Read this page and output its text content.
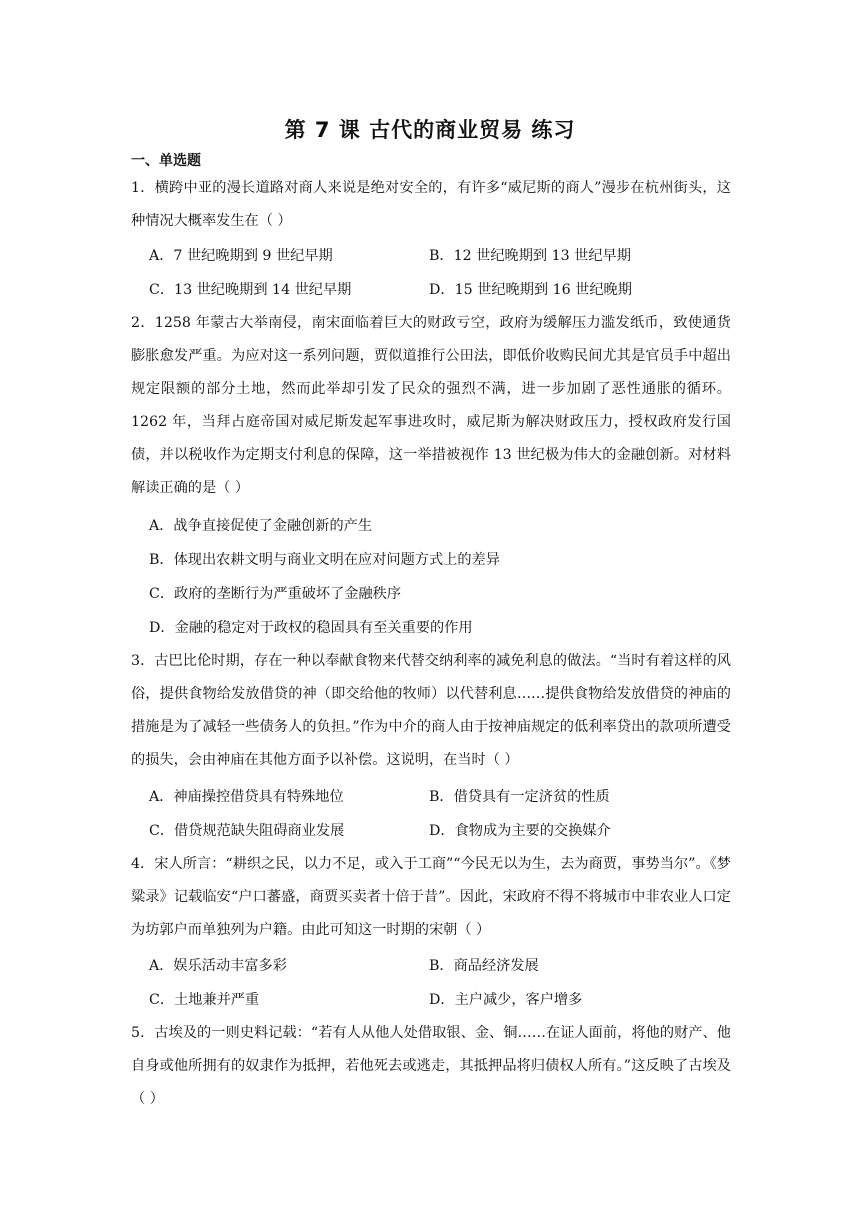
第 7 课 古代的商业贸易 练习
一、单选题
1．横跨中亚的漫长道路对商人来说是绝对安全的，有许多“威尼斯的商人”漫步在杭州街头，这种情况大概率发生在（ ）
A．7 世纪晚期到 9 世纪早期	B．12 世纪晚期到 13 世纪早期
C．13 世纪晚期到 14 世纪早期	D．15 世纪晚期到 16 世纪晚期
2．1258 年蒙古大举南侵，南宋面临着巨大的财政亏空，政府为缓解压力滥发纸币，致使通货膨胀愈发严重。为应对这一系列问题，贾似道推行公田法，即低价收购民间尤其是官员手中超出规定限额的部分土地，然而此举却引发了民众的强烈不满，进一步加剧了恶性通胀的循环。1262 年，当拜占庭帝国对威尼斯发起军事进攻时，威尼斯为解决财政压力，授权政府发行国债，并以税收作为定期支付利息的保障，这一举措被视作 13 世纪极为伟大的金融创新。对材料解读正确的是（ ）
A．战争直接促使了金融创新的产生
B．体现出农耕文明与商业文明在应对问题方式上的差异
C．政府的垄断行为严重破坏了金融秩序
D．金融的稳定对于政权的稳固具有至关重要的作用
3．古巴比伦时期，存在一种以奉献食物来代替交纳利率的减免利息的做法。“当时有着这样的风俗，提供食物给发放借贷的神（即交给他的牧师）以代替利息……提供食物给发放借贷的神庙的措施是为了减轻一些债务人的负担。”作为中介的商人由于按神庙规定的低利率贷出的款项所遭受的损失，会由神庙在其他方面予以补偿。这说明，在当时（ ）
A．神庙操控借贷具有特殊地位	B．借贷具有一定济贫的性质
C．借贷规范缺失阻碍商业发展	D．食物成为主要的交换媒介
4．宋人所言：“耕织之民，以力不足，或入于工商”“今民无以为生，去为商贾，事势当尔”。《梦粱录》记载临安“户口蕃盛，商贾买卖者十倍于昔”。因此，宋政府不得不将城市中非农业人口定为坊郭户而单独列为户籍。由此可知这一时期的宋朝（ ）
A．娱乐活动丰富多彩	B．商品经济发展
C．土地兼并严重	D．主户减少，客户增多
5．古埃及的一则史料记载：“若有人从他人处借取银、金、铜……在证人面前，将他的财产、他自身或他所拥有的奴隶作为抵押，若他死去或逃走，其抵押品将归债权人所有。”这反映了古埃及（ ）
